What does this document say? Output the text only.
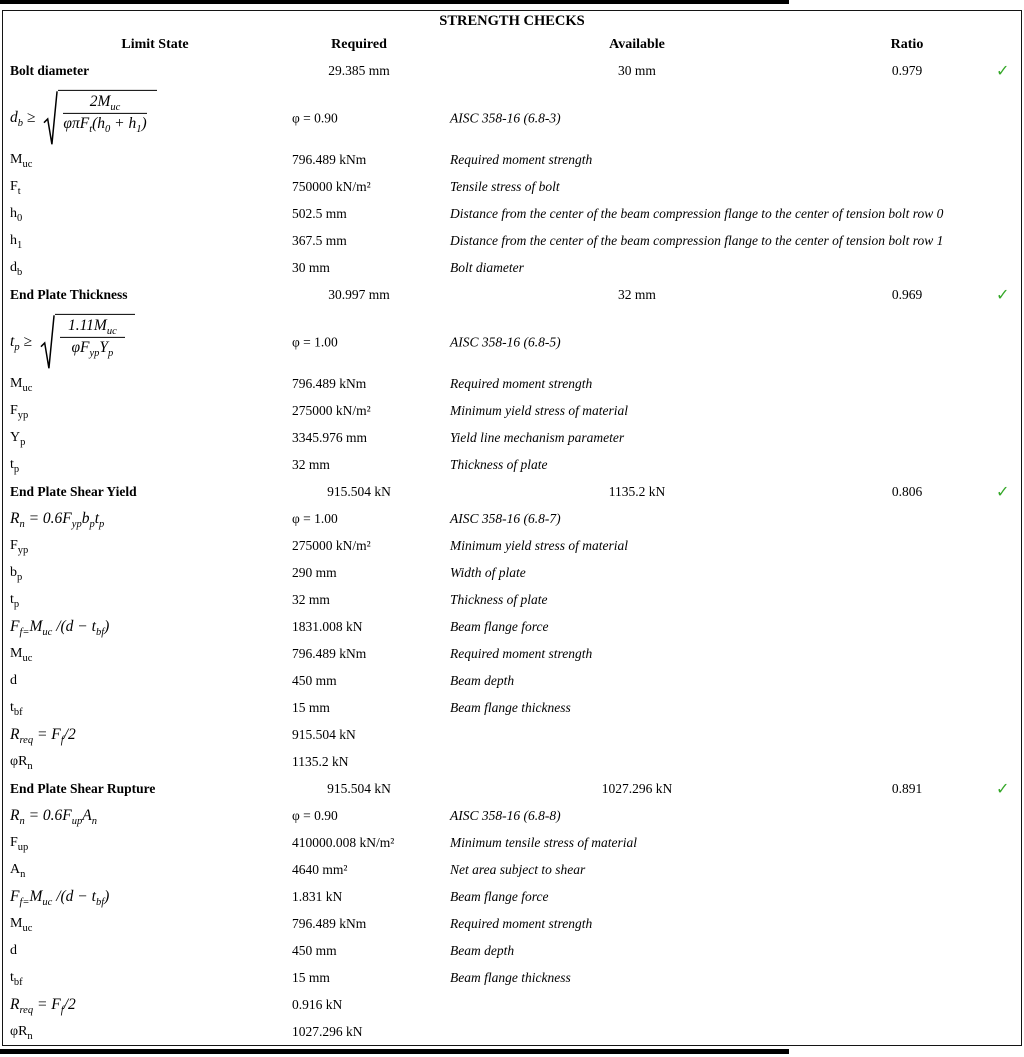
STRENGTH CHECKS
Limit State	Required	Available	Ratio
Bolt diameter	29.385 mm	30 mm	0.979	✓
$d_b \ge \frac{2M_{uc}}{\varphi\pi F_t(h_0 + h_1)}$	φ = 0.90	AISC 358-16 (6.8-3)
$M_{uc}$	796.489 kNm	Required moment strength
$F_t$	750000 kN/m²	Tensile stress of bolt
$h_0$	502.5 mm	Distance from the center of the beam compression flange to the center of tension bolt row 0
$h_1$	367.5 mm	Distance from the center of the beam compression flange to the center of tension bolt row 1
$d_b$	30 mm	Bolt diameter
End Plate Thickness	30.997 mm	32 mm	0.969	✓
$t_p \ge \frac{1.11M_{uc}}{\varphi F_{yp}Y_p}$	φ = 1.00	AISC 358-16 (6.8-5)
$M_{uc}$	796.489 kNm	Required moment strength
$F_{yp}$	275000 kN/m²	Minimum yield stress of material
$Y_p$	3345.976 mm	Yield line mechanism parameter
$t_p$	32 mm	Thickness of plate
End Plate Shear Yield	915.504 kN	1135.2 kN	0.806	✓
$R_n = 0.6F_{yp}b_pt_p$	φ = 1.00	AISC 358-16 (6.8-7)
$F_{yp}$	275000 kN/m²	Minimum yield stress of material
$b_p$	290 mm	Width of plate
$t_p$	32 mm	Thickness of plate
$F_{f=}M_{uc}$ $/(d - t_{bf})$	1831.008 kN	Beam flange force
$M_{uc}$	796.489 kNm	Required moment strength
d	450 mm	Beam depth
$t_{bf}$	15 mm	Beam flange thickness
$R_{req} = F_f/2$	915.504 kN
$\varphi R_n$	1135.2 kN
End Plate Shear Rupture	915.504 kN	1027.296 kN	0.891	✓
$R_n = 0.6F_{up}A_n$	φ = 0.90	AISC 358-16 (6.8-8)
$F_{up}$	410000.008 kN/m²	Minimum tensile stress of material
$A_n$	4640 mm²	Net area subject to shear
$F_{f=}M_{uc}$ $/(d - t_{bf})$	1.831 kN	Beam flange force
$M_{uc}$	796.489 kNm	Required moment strength
d	450 mm	Beam depth
$t_{bf}$	15 mm	Beam flange thickness
$R_{req} = F_f/2$	0.916 kN
$\varphi R_n$	1027.296 kN
